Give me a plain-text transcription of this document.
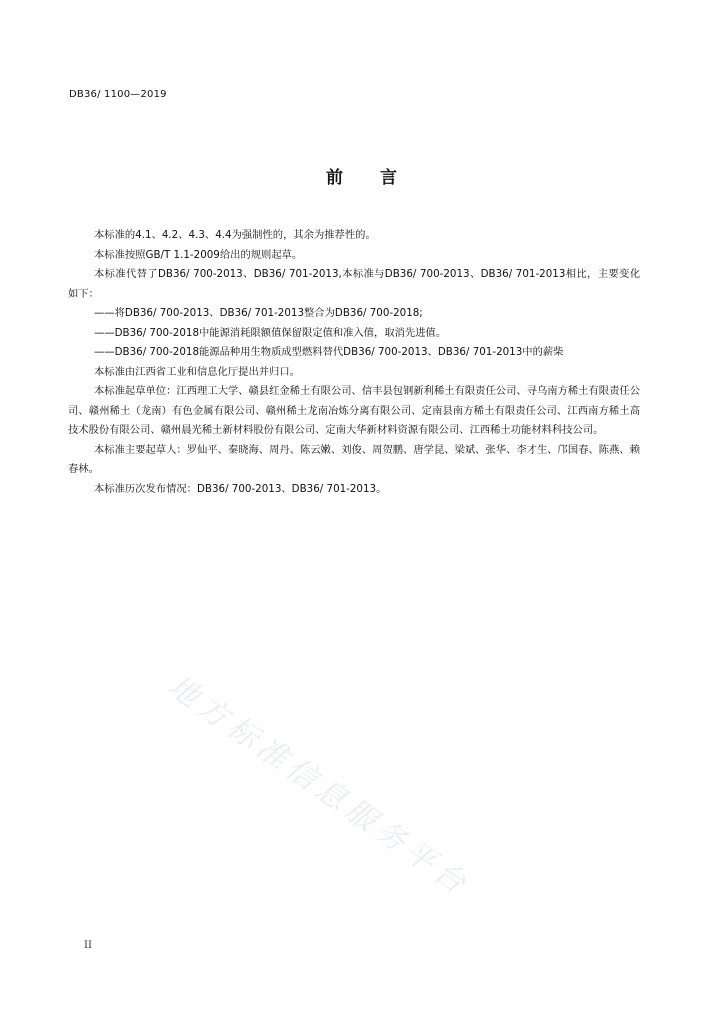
DB36/ 1100—2019
前 言

本标准的4.1、4.2、4.3、4.4为强制性的，其余为推荐性的。

本标准按照GB/T 1.1-2009给出的规则起草。

本标准代替了DB36/ 700-2013、DB36/ 701-2013,本标准与DB36/ 700-2013、DB36/ 701-2013相比，主要变化如下：

——将DB36/ 700-2013、DB36/ 701-2013整合为DB36/ 700-2018;

——DB36/ 700-2018中能源消耗限额值保留限定值和准入值，取消先进值。

——DB36/ 700-2018能源品种用生物质成型燃料替代DB36/ 700-2013、DB36/ 701-2013中的薪柴

本标准由江西省工业和信息化厅提出并归口。

本标准起草单位：江西理工大学、赣县红金稀土有限公司、信丰县包钢新利稀土有限责任公司、寻乌南方稀土有限责任公司、赣州稀土（龙南）有色金属有限公司、赣州稀土龙南冶炼分离有限公司、定南县南方稀土有限责任公司、江西南方稀土高技术股份有限公司、赣州晨光稀土新材料股份有限公司、定南大华新材料资源有限公司、江西稀土功能材料科技公司。

本标准主要起草人：罗仙平、秦晓海、周丹、陈云嫩、刘俊、周贺鹏、唐学昆、梁斌、张华、李才生、邝国春、陈燕、赖春林。

本标准历次发布情况：DB36/ 700-2013、DB36/ 701-2013。

地方标准信息服务平台
II
